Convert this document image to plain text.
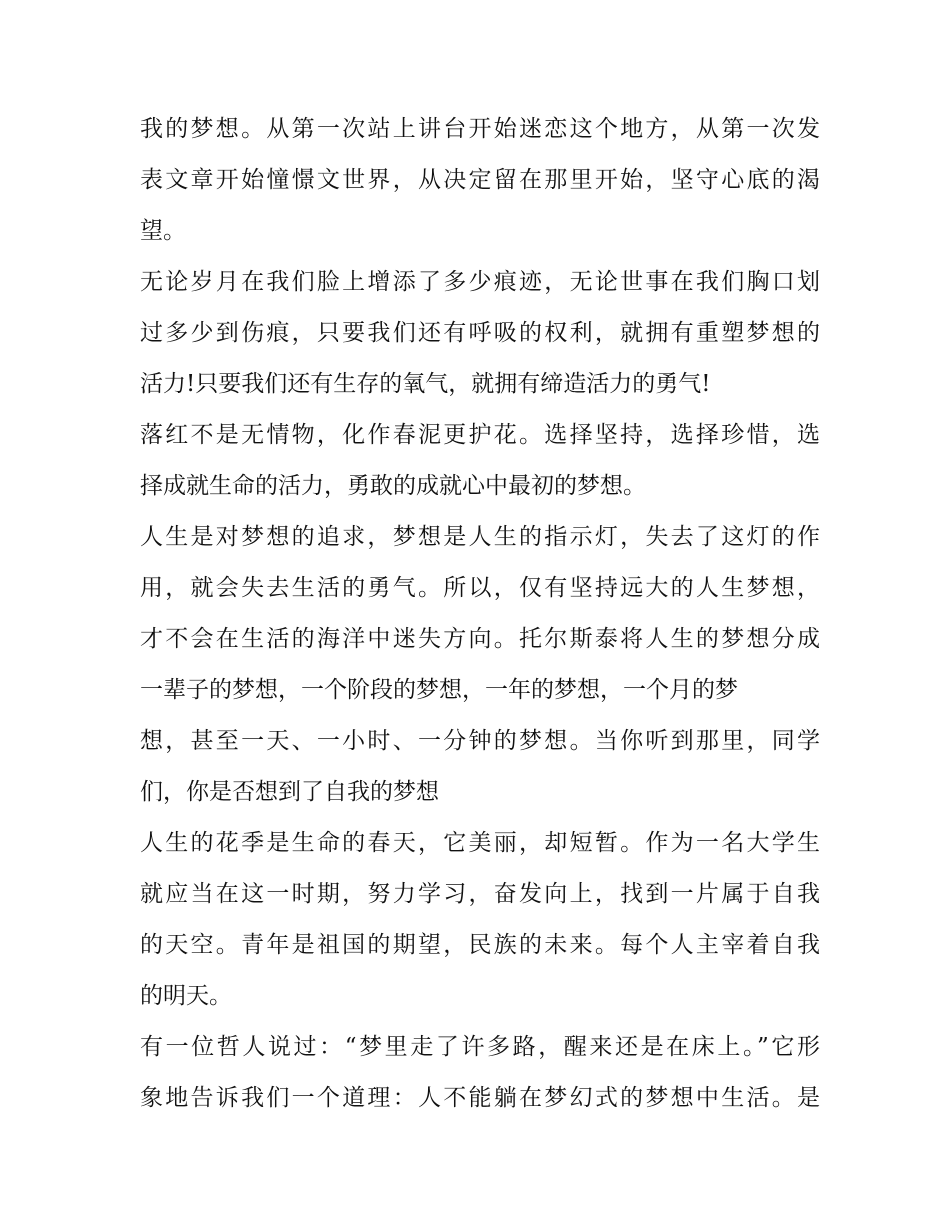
我的梦想。从第一次站上讲台开始迷恋这个地方，从第一次发
表文章开始憧憬文世界，从决定留在那里开始，坚守心底的渴
望。
无论岁月在我们脸上增添了多少痕迹，无论世事在我们胸口划
过多少到伤痕，只要我们还有呼吸的权利，就拥有重塑梦想的
活力!只要我们还有生存的氧气，就拥有缔造活力的勇气!
落红不是无情物，化作春泥更护花。选择坚持，选择珍惜，选
择成就生命的活力，勇敢的成就心中最初的梦想。
人生是对梦想的追求，梦想是人生的指示灯，失去了这灯的作
用，就会失去生活的勇气。所以，仅有坚持远大的人生梦想，
才不会在生活的海洋中迷失方向。托尔斯泰将人生的梦想分成
一辈子的梦想，一个阶段的梦想，一年的梦想，一个月的梦
想，甚至一天、一小时、一分钟的梦想。当你听到那里，同学
们，你是否想到了自我的梦想
人生的花季是生命的春天，它美丽，却短暂。作为一名大学生
就应当在这一时期，努力学习，奋发向上，找到一片属于自我
的天空。青年是祖国的期望，民族的未来。每个人主宰着自我
的明天。
有一位哲人说过：“梦里走了许多路，醒来还是在床上。”它形
象地告诉我们一个道理：人不能躺在梦幻式的梦想中生活。是
